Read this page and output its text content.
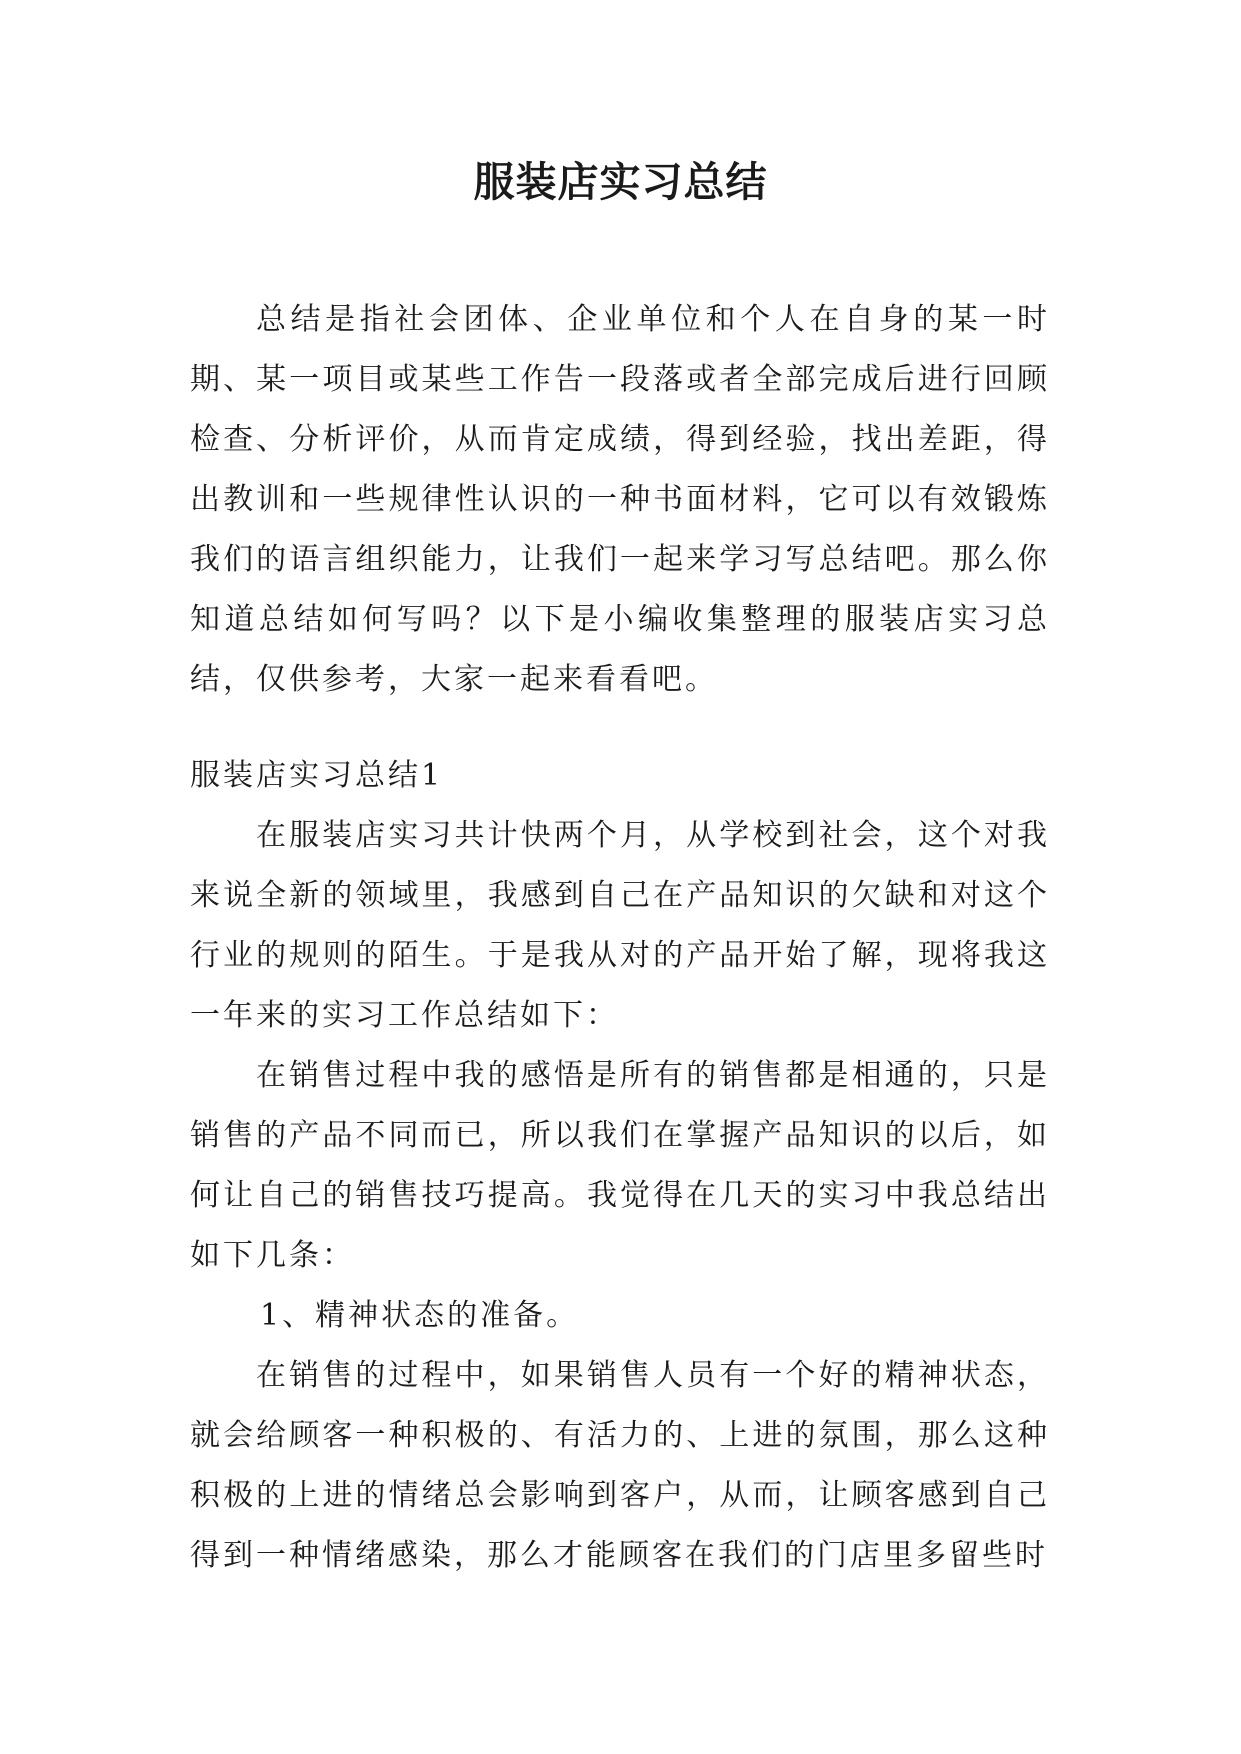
服装店实习总结
总结是指社会团体、企业单位和个人在自身的某一时期、某一项目或某些工作告一段落或者全部完成后进行回顾检查、分析评价，从而肯定成绩，得到经验，找出差距，得出教训和一些规律性认识的一种书面材料，它可以有效锻炼我们的语言组织能力，让我们一起来学习写总结吧。那么你知道总结如何写吗？以下是小编收集整理的服装店实习总结，仅供参考，大家一起来看看吧。

服装店实习总结1

在服装店实习共计快两个月，从学校到社会，这个对我来说全新的领域里，我感到自己在产品知识的欠缺和对这个行业的规则的陌生。于是我从对的产品开始了解，现将我这一年来的实习工作总结如下：

在销售过程中我的感悟是所有的销售都是相通的，只是销售的产品不同而已，所以我们在掌握产品知识的以后，如何让自己的销售技巧提高。我觉得在几天的实习中我总结出如下几条：

1、精神状态的准备。

在销售的过程中，如果销售人员有一个好的精神状态，就会给顾客一种积极的、有活力的、上进的氛围，那么这种积极的上进的情绪总会影响到客户，从而，让顾客感到自己得到一种情绪感染，那么才能顾客在我们的门店里多留些时
